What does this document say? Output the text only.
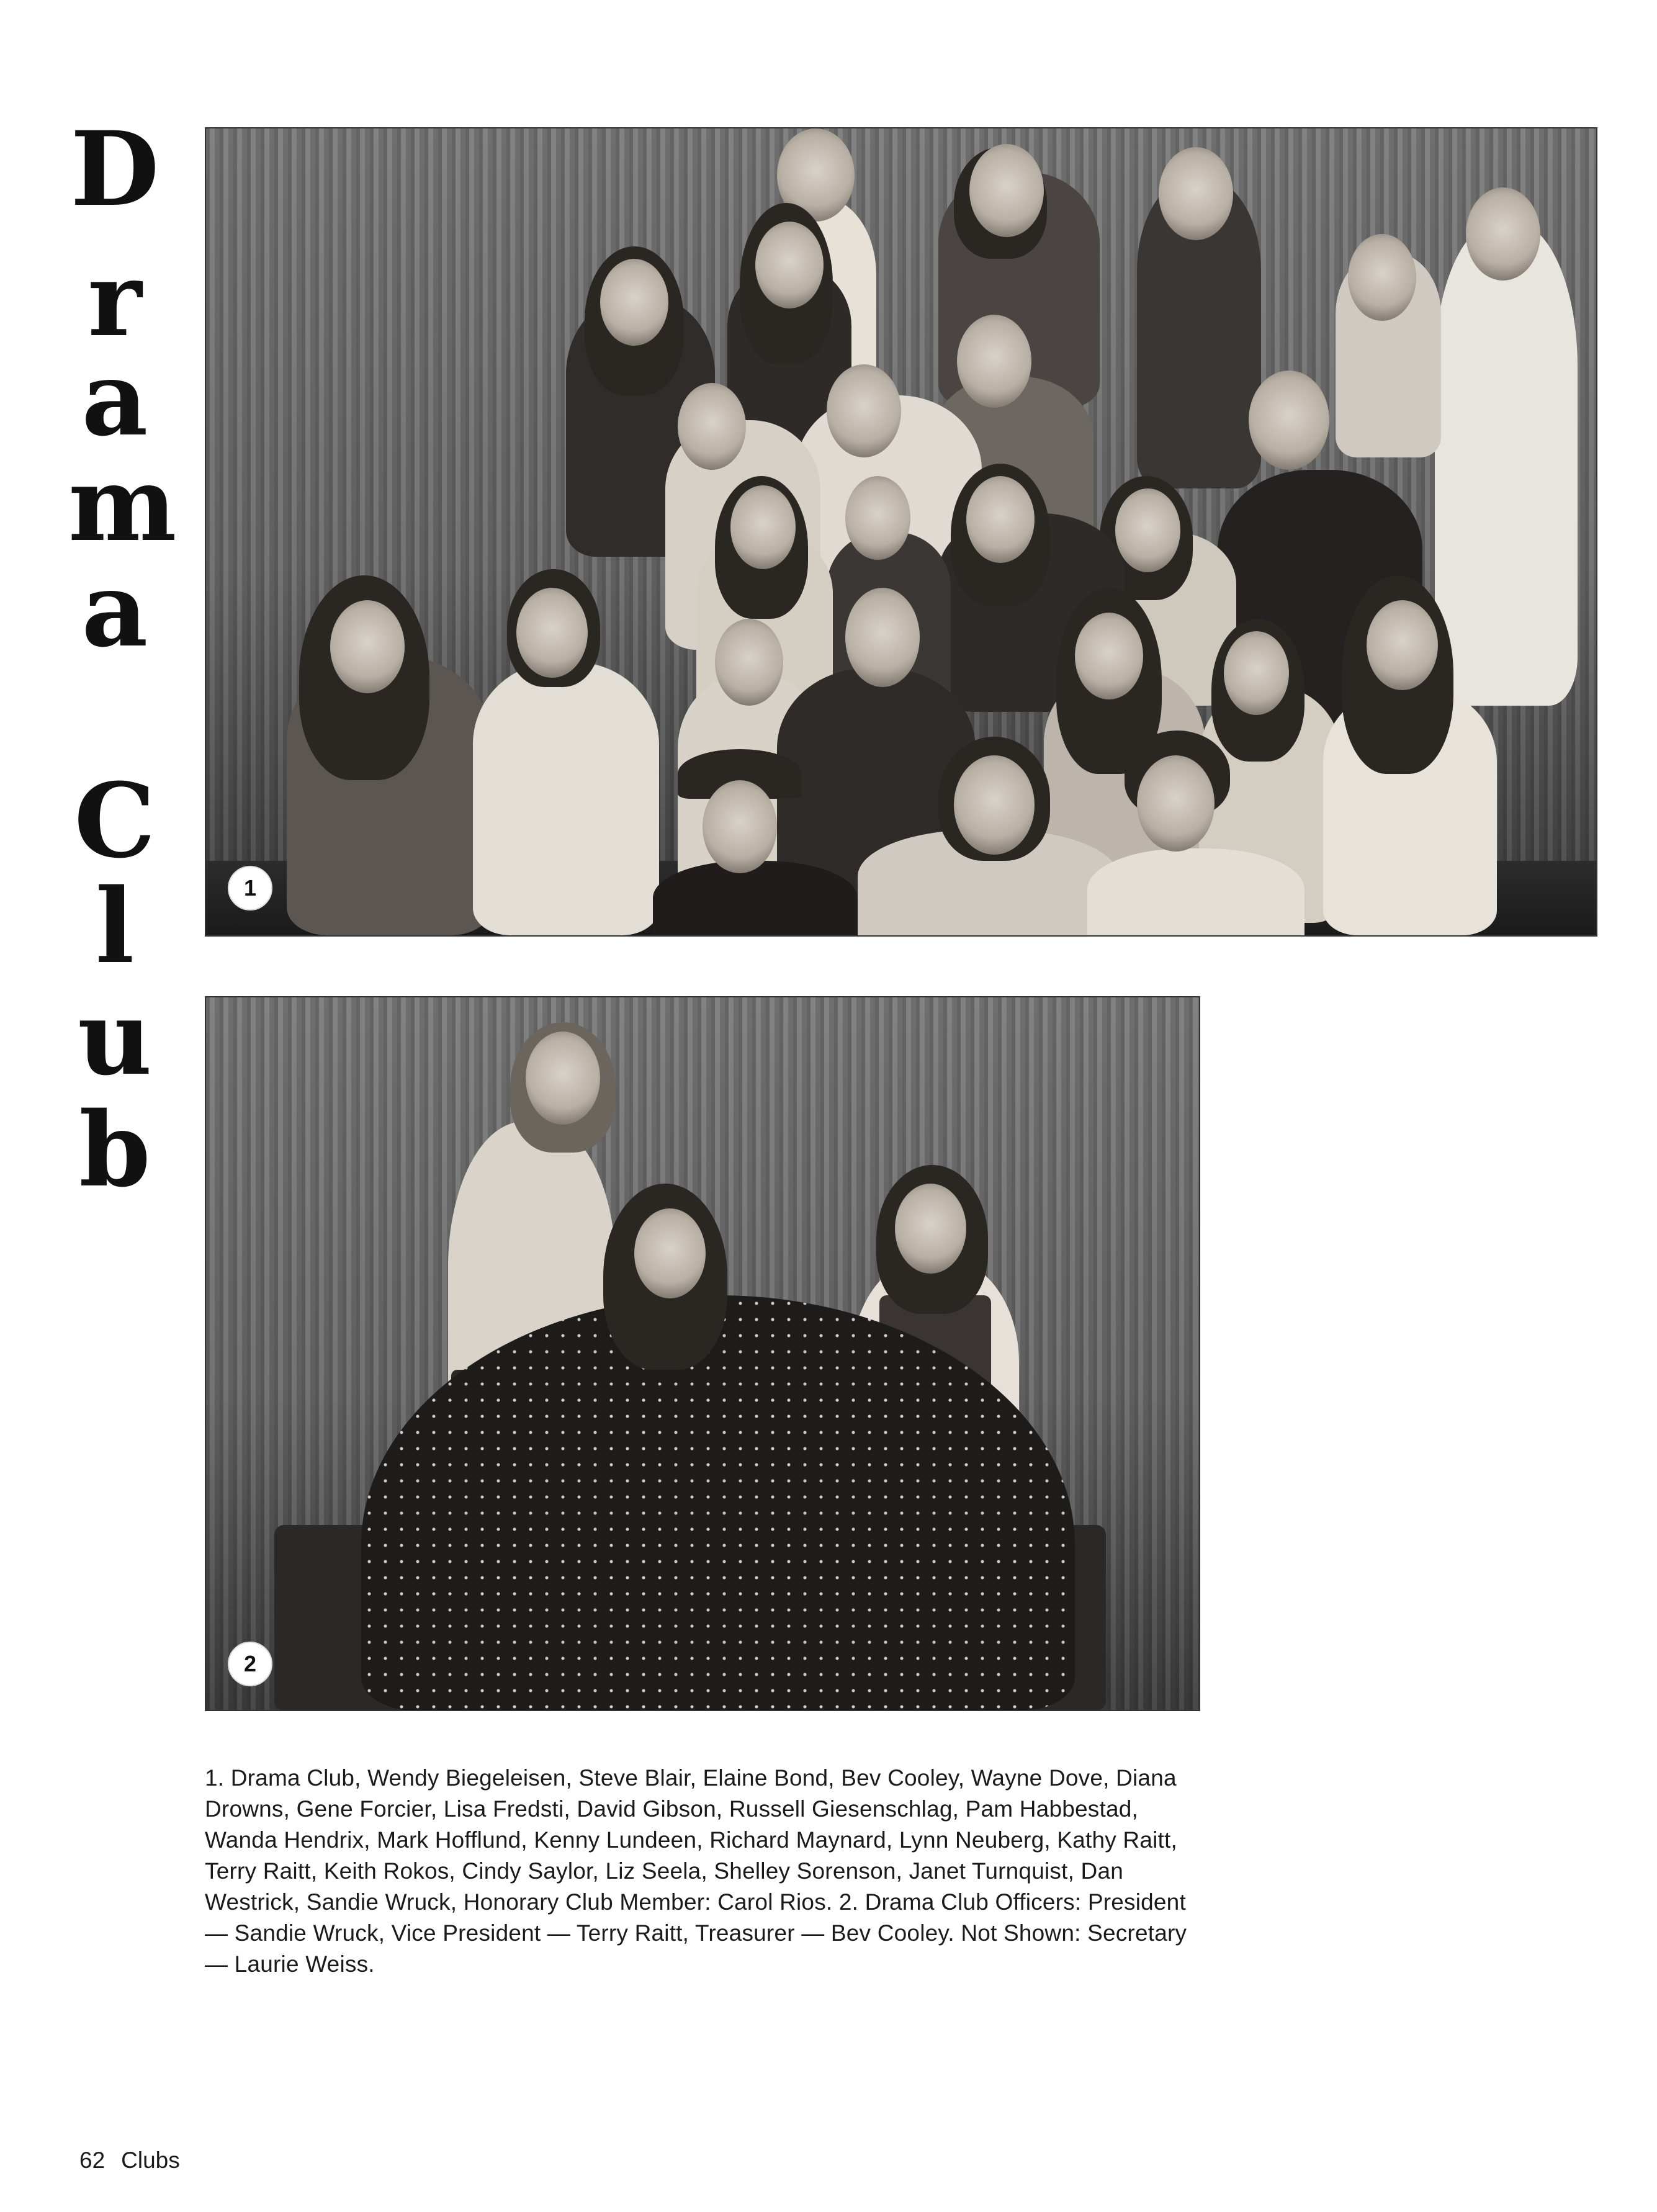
D
r
a
m
a
C
l
u
b
1
2
1. Drama Club, Wendy Biegeleisen, Steve Blair, Elaine Bond, Bev Cooley, Wayne Dove, Diana Drowns, Gene Forcier, Lisa Fredsti, David Gibson, Russell Giesenschlag, Pam Habbestad, Wanda Hendrix, Mark Hofflund, Kenny Lundeen, Richard Maynard, Lynn Neuberg, Kathy Raitt, Terry Raitt, Keith Rokos, Cindy Saylor, Liz Seela, Shelley Sorenson, Janet Turnquist, Dan Westrick, Sandie Wruck, Honorary Club Member: Carol Rios. 2. Drama Club Officers: President — Sandie Wruck, Vice President — Terry Raitt, Treasurer — Bev Cooley. Not Shown: Secretary — Laurie Weiss.
62 Clubs
